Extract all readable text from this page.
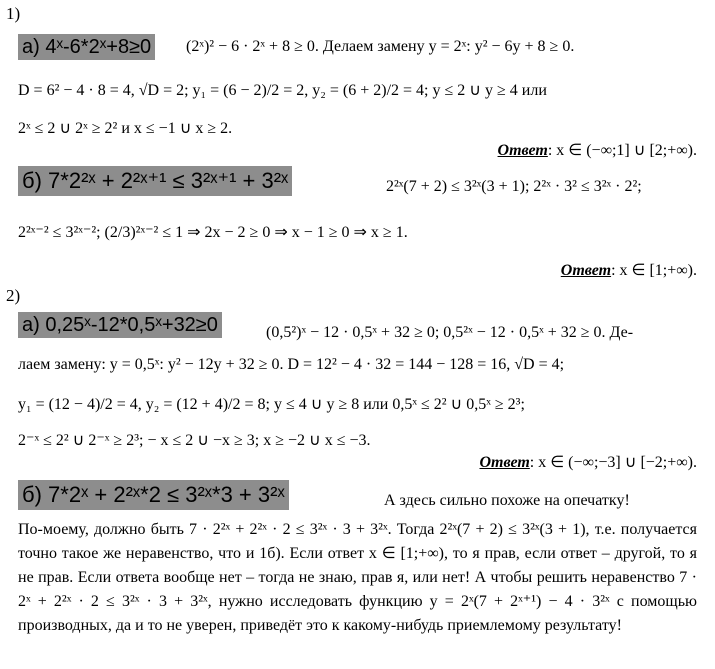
1)
а) 4ˣ-6*2ˣ+8≥0 (2ˣ)² − 6 · 2ˣ + 8 ≥ 0. Делаем замену y = 2ˣ: y² − 6y + 8 ≥ 0.
D = 6² − 4 · 8 = 4, √D = 2; y₁ = (6 − 2)/2 = 2, y₂ = (6 + 2)/2 = 4; y ≤ 2 ∪ y ≥ 4 или
2ˣ ≤ 2 ∪ 2ˣ ≥ 2² и x ≤ −1 ∪ x ≥ 2.
Ответ: x ∈ (−∞;1] ∪ [2;+∞).
б) 7*2²ˣ + 2²ˣ⁺¹ ≤ 3²ˣ⁺¹ + 3²ˣ	2²ˣ(7 + 2) ≤ 3²ˣ(3 + 1); 2²ˣ · 3² ≤ 3²ˣ · 2²;
2²ˣ⁻² ≤ 3²ˣ⁻²; (2/3)²ˣ⁻² ≤ 1 ⇒ 2x − 2 ≥ 0 ⇒ x − 1 ≥ 0 ⇒ x ≥ 1.
Ответ: x ∈ [1;+∞).
2)
а) 0,25ˣ-12*0,5ˣ+32≥0	(0,5²)ˣ − 12 · 0,5ˣ + 32 ≥ 0; 0,5²ˣ − 12 · 0,5ˣ + 32 ≥ 0. Де-
лаем замену: y = 0,5ˣ: y² − 12y + 32 ≥ 0. D = 12² − 4 · 32 = 144 − 128 = 16, √D = 4;
y₁ = (12 − 4)/2 = 4, y₂ = (12 + 4)/2 = 8; y ≤ 4 ∪ y ≥ 8 или 0,5ˣ ≤ 2² ∪ 0,5ˣ ≥ 2³;
2⁻ˣ ≤ 2² ∪ 2⁻ˣ ≥ 2³; − x ≤ 2 ∪ −x ≥ 3; x ≥ −2 ∪ x ≤ −3.
Ответ: x ∈ (−∞;−3] ∪ [−2;+∞).
б) 7*2ˣ + 2²ˣ*2 ≤ 3²ˣ*3 + 3²ˣ	А здесь сильно похоже на опечатку!
По-моему, должно быть 7 · 2²ˣ + 2²ˣ · 2 ≤ 3²ˣ · 3 + 3²ˣ. Тогда 2²ˣ(7 + 2) ≤ 3²ˣ(3 + 1), т.е. получается точно такое же неравенство, что и 1б). Если ответ x ∈ [1;+∞), то я прав, если ответ – другой, то я не прав. Если ответа вообще нет – тогда не знаю, прав я, или нет! А чтобы решить неравенство 7 · 2ˣ + 2²ˣ · 2 ≤ 3²ˣ · 3 + 3²ˣ, нужно исследовать функцию y = 2ˣ(7 + 2ˣ⁺¹) − 4 · 3²ˣ с помощью производных, да и то не уверен, приведёт это к какому-нибудь приемлемому результату!
